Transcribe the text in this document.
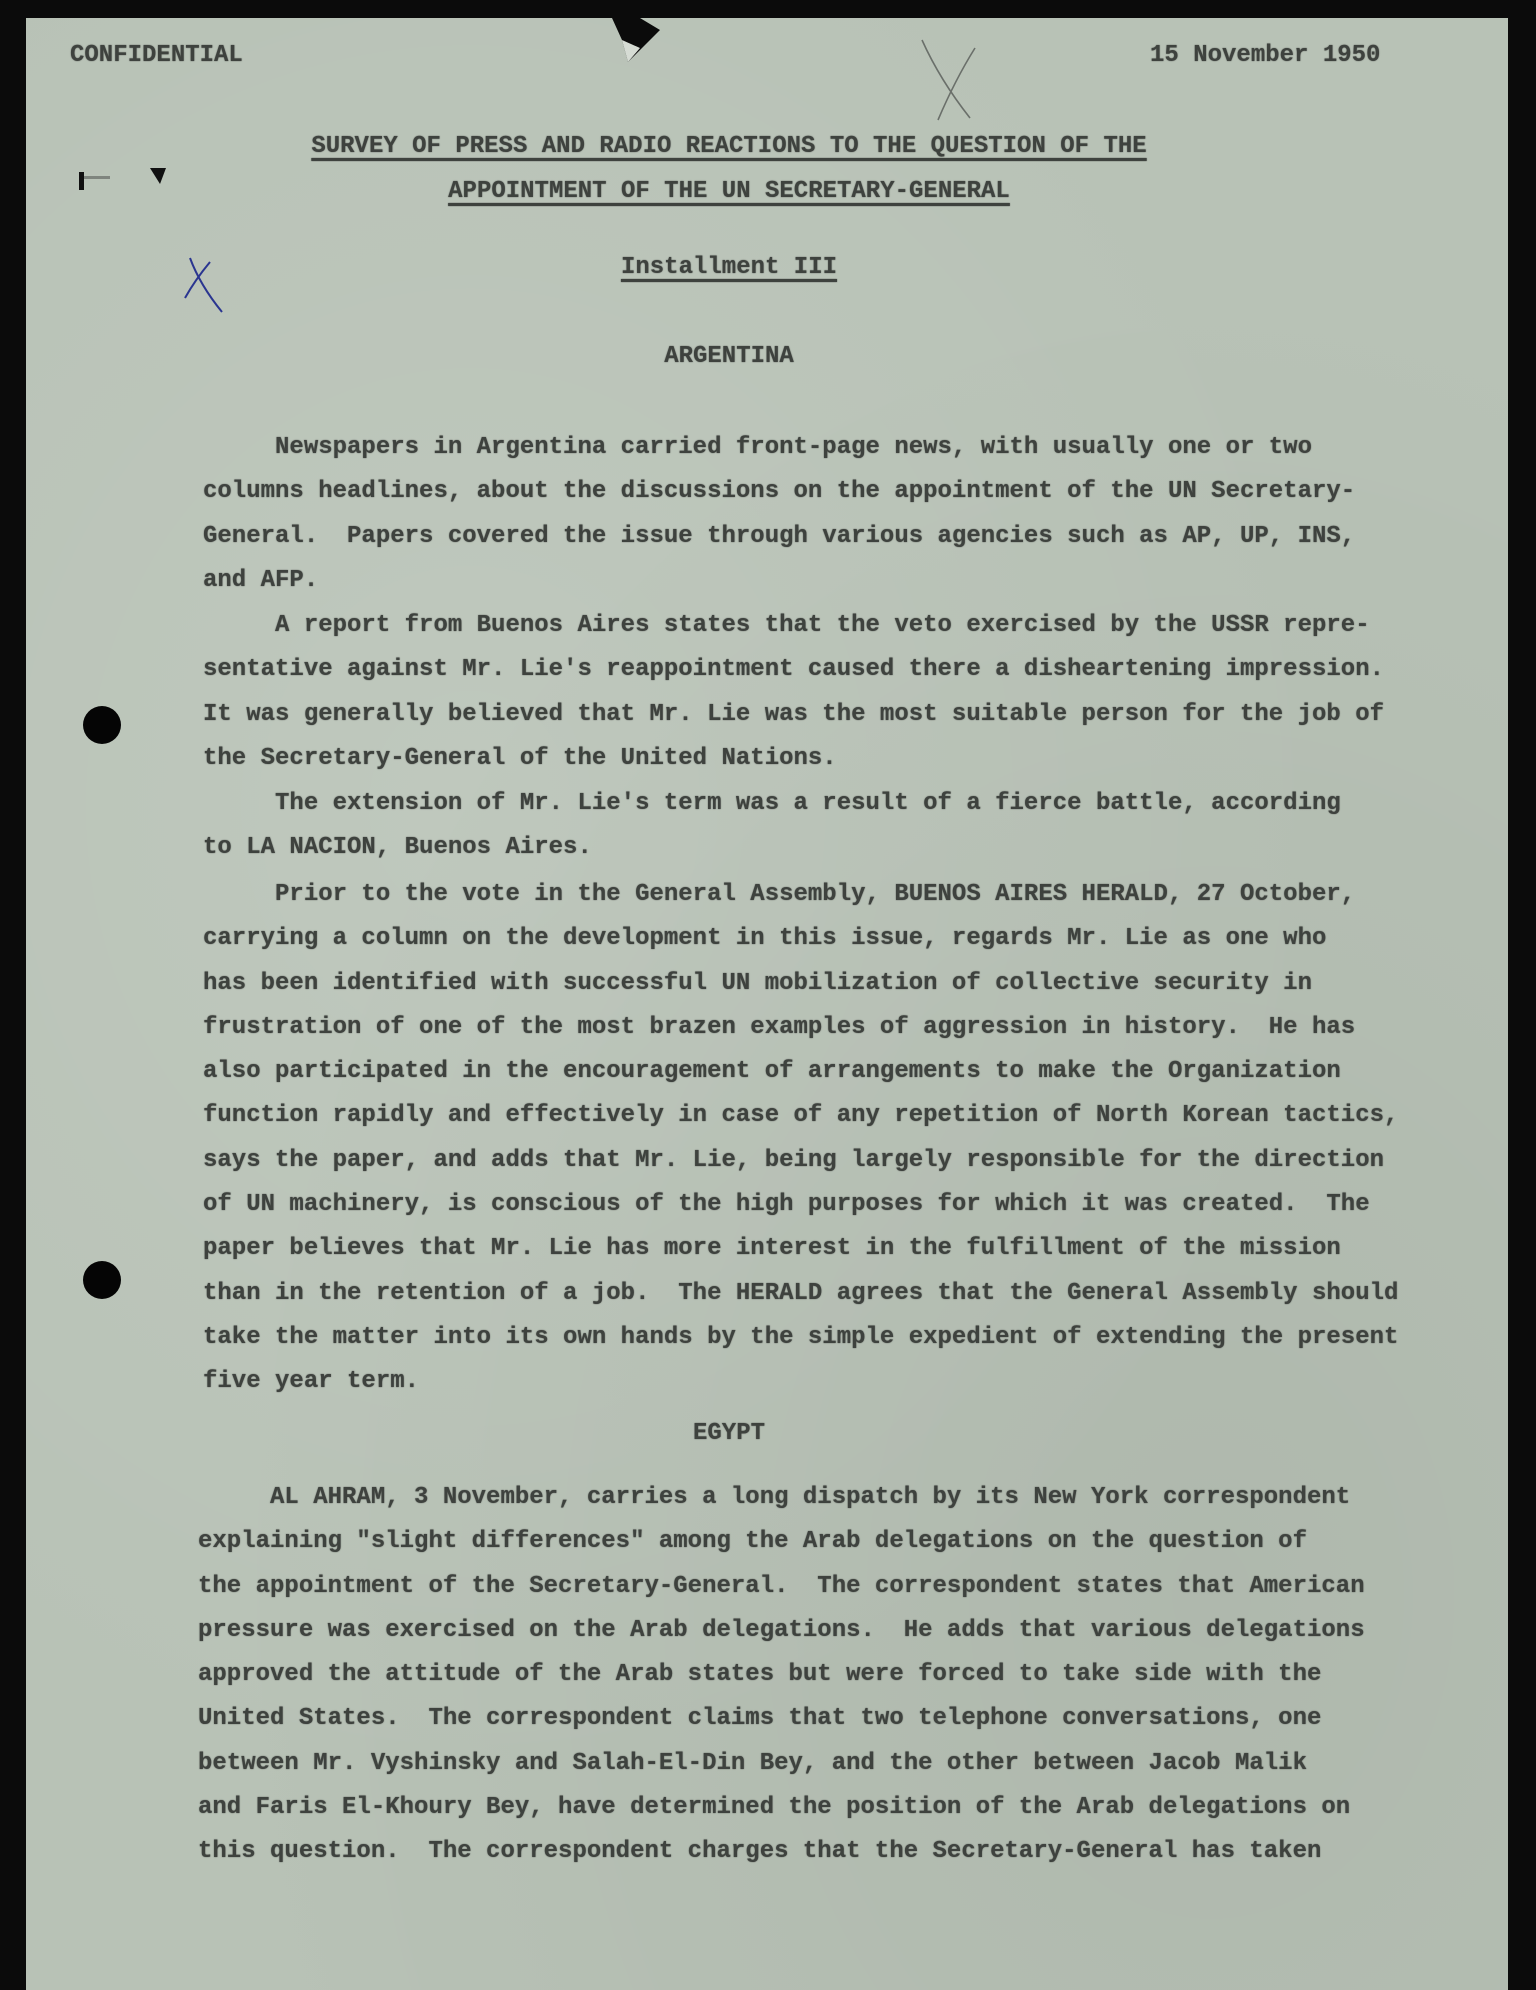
CONFIDENTIAL	15 November 1950
SURVEY OF PRESS AND RADIO REACTIONS TO THE QUESTION OF THE
APPOINTMENT OF THE UN SECRETARY-GENERAL
Installment III
ARGENTINA
Newspapers in Argentina carried front-page news, with usually one or two
columns headlines, about the discussions on the appointment of the UN Secretary-
General.  Papers covered the issue through various agencies such as AP, UP, INS,
and AFP.
A report from Buenos Aires states that the veto exercised by the USSR repre-
sentative against Mr. Lie's reappointment caused there a disheartening impression.
It was generally believed that Mr. Lie was the most suitable person for the job of
the Secretary-General of the United Nations.
The extension of Mr. Lie's term was a result of a fierce battle, according
to LA NACION, Buenos Aires.
Prior to the vote in the General Assembly, BUENOS AIRES HERALD, 27 October,
carrying a column on the development in this issue, regards Mr. Lie as one who
has been identified with successful UN mobilization of collective security in
frustration of one of the most brazen examples of aggression in history.  He has
also participated in the encouragement of arrangements to make the Organization
function rapidly and effectively in case of any repetition of North Korean tactics,
says the paper, and adds that Mr. Lie, being largely responsible for the direction
of UN machinery, is conscious of the high purposes for which it was created.  The
paper believes that Mr. Lie has more interest in the fulfillment of the mission
than in the retention of a job.  The HERALD agrees that the General Assembly should
take the matter into its own hands by the simple expedient of extending the present
five year term.
EGYPT
AL AHRAM, 3 November, carries a long dispatch by its New York correspondent
explaining "slight differences" among the Arab delegations on the question of
the appointment of the Secretary-General.  The correspondent states that American
pressure was exercised on the Arab delegations.  He adds that various delegations
approved the attitude of the Arab states but were forced to take side with the
United States.  The correspondent claims that two telephone conversations, one
between Mr. Vyshinsky and Salah-El-Din Bey, and the other between Jacob Malik
and Faris El-Khoury Bey, have determined the position of the Arab delegations on
this question.  The correspondent charges that the Secretary-General has taken
